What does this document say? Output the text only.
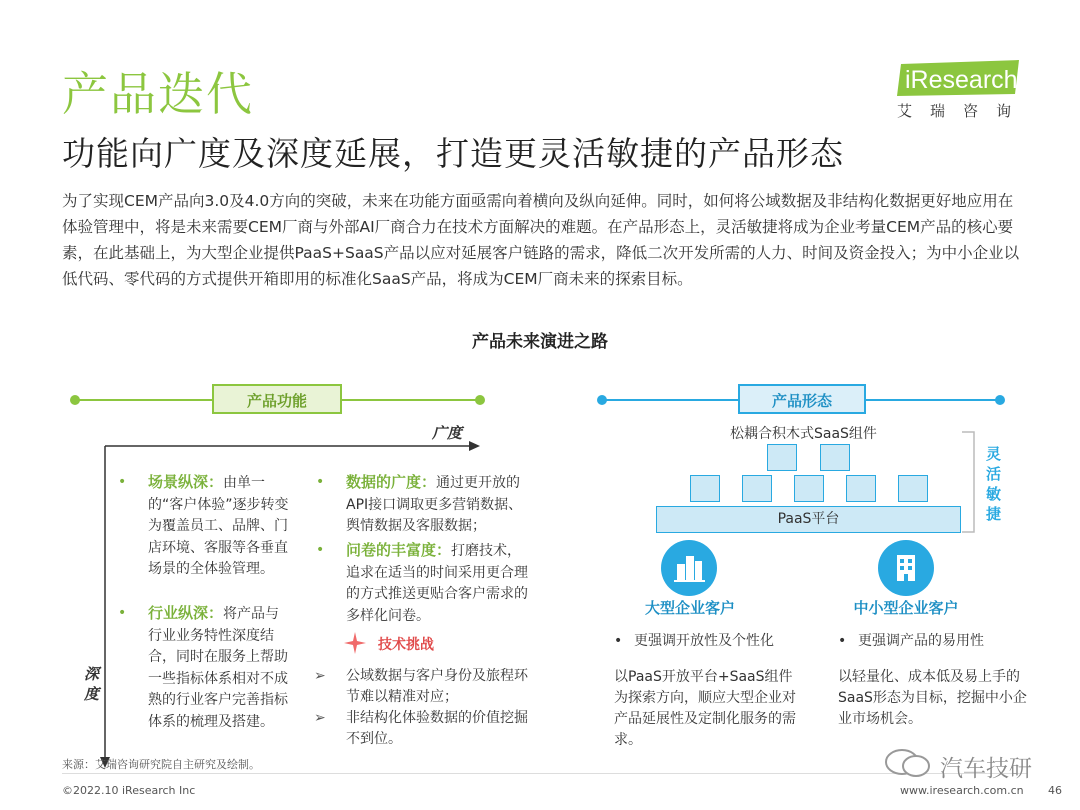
产品迭代
功能向广度及深度延展，打造更灵活敏捷的产品形态
iResearch
艾瑞咨询
为了实现CEM产品向3.0及4.0方向的突破，未来在功能方面亟需向着横向及纵向延伸。同时，如何将公域数据及非结构化数据更好地应用在体验管理中，将是未来需要CEM厂商与外部AI厂商合力在技术方面解决的难题。在产品形态上，灵活敏捷将成为企业考量CEM产品的核心要素，在此基础上，为大型企业提供PaaS+SaaS产品以应对延展客户链路的需求，降低二次开发所需的人力、时间及资金投入；为中小企业以低代码、零代码的方式提供开箱即用的标准化SaaS产品，将成为CEM厂商未来的探索目标。
产品未来演进之路
产品功能
广度
深度
• 场景纵深：由单一的“客户体验”逐步转变为覆盖员工、品牌、门店环境、客服等各垂直场景的全体验管理。
• 行业纵深：将产品与行业业务特性深度结合，同时在服务上帮助一些指标体系相对不成熟的行业客户完善指标体系的梳理及搭建。
• 数据的广度：通过更开放的API接口调取更多营销数据、舆情数据及客服数据；
• 问卷的丰富度：打磨技术，追求在适当的时间采用更合理的方式推送更贴合客户需求的多样化问卷。
技术挑战
➢ 公域数据与客户身份及旅程环节难以精准对应；
➢ 非结构化体验数据的价值挖掘不到位。
产品形态
松耦合积木式SaaS组件
PaaS平台
灵活敏捷
大型企业客户
• 更强调开放性及个性化
以PaaS开放平台+SaaS组件为探索方向，顺应大型企业对产品延展性及定制化服务的需求。
中小型企业客户
• 更强调产品的易用性
以轻量化、成本低及易上手的SaaS形态为目标，挖掘中小企业市场机会。
来源：艾瑞咨询研究院自主研究及绘制。
©2022.10 iResearch Inc
汽车技研
www.iresearch.com.cn 46
